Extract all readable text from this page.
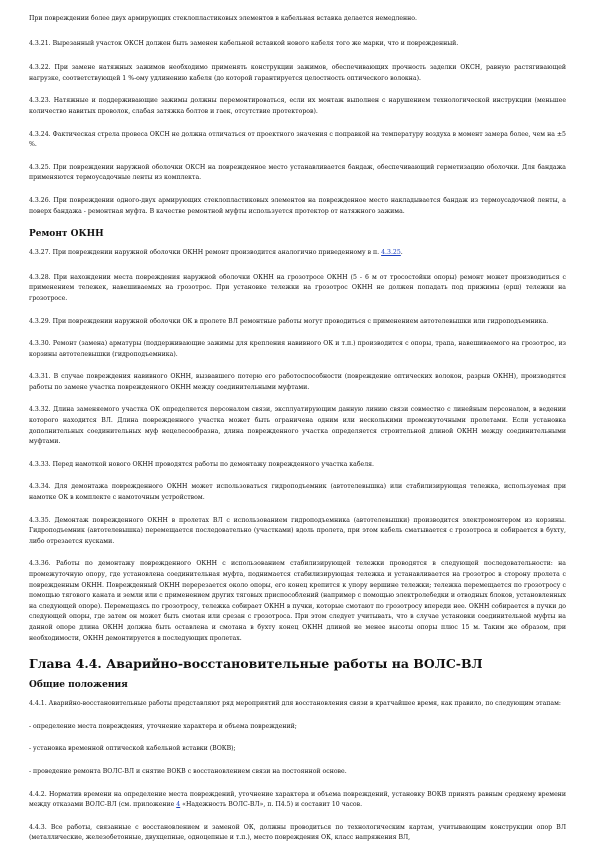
При повреждении более двух армирующих стеклопластиковых элементов в кабельная вставка делается немедленно.

4.3.21. Вырезанный участок ОКСН должен быть заменен кабельной вставкой нового кабеля того же марки, что и поврежденный.

4.3.22. При замене натяжных зажимов необходимо применять конструкции зажимов, обеспечивающих прочность заделки ОКСН, равную растягивающей нагрузке, соответствующей 1 %-ому удлинению кабеля (до которой гарантируется целостность оптического волокна).

4.3.23. Натяжные и поддерживающие зажимы должны перемонтироваться, если их монтаж выполнен с нарушением технологической инструкции (меньшее количество навитых проволок, слабая затяжка болтов и гаек, отсутствие протекторов).

4.3.24. Фактическая стрела провеса ОКСН не должна отличаться от проектного значения с поправкой на температуру воздуха в момент замера более, чем на ±5 %.

4.3.25. При повреждении наружной оболочки ОКСН на поврежденное место устанавливается бандаж, обеспечивающий герметизацию оболочки. Для бандажа применяются термоусадочные ленты из комплекта.

4.3.26. При повреждении одного-двух армирующих стеклопластиковых элементов на поврежденное место накладывается бандаж из термоусадочной ленты, а поверх бандажа - ремонтная муфта. В качестве ремонтной муфты используется протектор от натяжного зажима.

Ремонт ОКНН

4.3.27. При повреждении наружной оболочки ОКНН ремонт производится аналогично приведенному в п. 4.3.25.

4.3.28. При нахождении места повреждения наружной оболочки ОКНН на грозотросе ОКНН (5 - 6 м от тросостойки опоры) ремонт может производиться с применением тележек, навешиваемых на грозотрос. При установке тележки на грозотрос ОКНН не должен попадать под прижимы (ерш) тележки на грозотросе.

4.3.29. При повреждении наружной оболочки ОК в пролете ВЛ ремонтные работы могут проводиться с применением автотелевышки или гидроподъемника.

4.3.30. Ремонт (замена) арматуры (поддерживающие зажимы для крепления навивного ОК и т.п.) производится с опоры, трапа, навешиваемого на грозотрос, из корзины автотелевышки (гидроподъемника).

4.3.31. В случае повреждения навивного ОКНН, вызвавшего потерю его работоспособности (повреждение оптических волокон, разрыв ОКНН), производятся работы по замене участка поврежденного ОКНН между соединительными муфтами.

4.3.32. Длина заменяемого участка ОК определяется персоналом связи, эксплуатирующим данную линию связи совместно с линейным персоналом, в ведении которого находится ВЛ. Длина поврежденного участка может быть ограничена одним или несколькими промежуточными пролетами. Если установка дополнительных соединительных муф нецелесообразна, длина поврежденного участка определяется строительной длиной ОКНН между соединительными муфтами.

4.3.33. Перед намоткой нового ОКНН проводятся работы по демонтажу поврежденного участка кабеля.

4.3.34. Для демонтажа поврежденного ОКНН может использоваться гидроподъемник (автотелевышка) или стабилизирующая тележка, используемая при намотке ОК в комплекте с намоточным устройством.

4.3.35. Демонтаж поврежденного ОКНН в пролетах ВЛ с использованием гидроподъемника (автотелевышки) производится электромонтером из корзины. Гидроподъемник (автотелевышка) перемещается последовательно (участками) вдоль пролета, при этом кабель сматывается с грозотроса и собирается в бухту, либо отрезается кусками.

4.3.36. Работы по демонтажу поврежденного ОКНН с использованием стабилизирующей тележки проводятся в следующей последовательности: на промежуточную опору, где установлена соединительная муфта, поднимается стабилизирующая тележка и устанавливается на грозотрос в сторону пролета с поврежденным ОКНН. Поврежденный ОКНН перерезается около опоры, его конец крепится к упору вершине тележки; тележка перемещается по грозотросу с помощью тягового каната и земли или с применением других тяговых приспособлений (например с помощью электролебедки и отводных блоков, установленных на следующей опоре). Перемещаясь по грозотросу, тележка собирает ОКНН в пучки, которые смотают по грозотросу впереди нее. ОКНН собирается в пучки до следующей опоры, где затем он может быть смотан или срезан с грозотроса. При этом следует учитывать, что в случае установки соединительной муфты на данной опоре длина ОКНН должна быть оставлена и смотана в бухту конец ОКНН длиной не менее высоты опоры плюс 15 м. Таким же образом, при необходимости, ОКНН демонтируется в последующих пролетах.

Глава 4.4. Аварийно-восстановительные работы на ВОЛС-ВЛ
Общие положения

4.4.1. Аварийно-восстановительные работы представляют ряд мероприятий для восстановления связи в кратчайшее время, как правило, по следующим этапам:

- определение места повреждения, уточнение характера и объема повреждений;

- установка временной оптической кабельной вставки (ВОКВ);

- проведение ремонта ВОЛС-ВЛ и снятие ВОКВ с восстановлением связи на постоянной основе.

4.4.2. Норматив времени на определение места повреждений, уточнение характера и объема повреждений, установку ВОКВ принять равным среднему времени между отказами ВОЛС-ВЛ (см. приложение 4 «Надежность ВОЛС-ВЛ», п. П4.5) и составит 10 часов.

4.4.3. Все работы, связанные с восстановлением и заменой ОК, должны проводиться по технологическим картам, учитывающим конструкции опор ВЛ (металлические, железобетонные, двухцепные, одноцепные и т.п.), место повреждения ОК, класс напряжения ВЛ,
